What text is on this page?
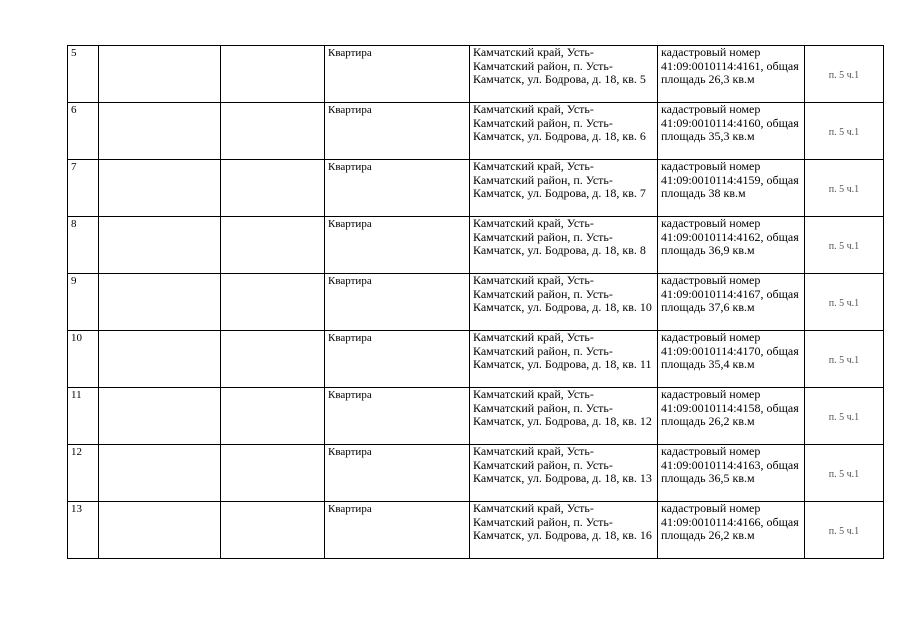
5			Квартира	Камчатский край, Усть-Камчатский район, п. Усть-Камчатск, ул. Бодрова, д. 18, кв. 5	кадастровый номер 41:09:0010114:4161, общая площадь 26,3 кв.м	п. 5 ч.1
6			Квартира	Камчатский край, Усть-Камчатский район, п. Усть-Камчатск, ул. Бодрова, д. 18, кв. 6	кадастровый номер 41:09:0010114:4160, общая площадь 35,3 кв.м	п. 5 ч.1
7			Квартира	Камчатский край, Усть-Камчатский район, п. Усть-Камчатск, ул. Бодрова, д. 18, кв. 7	кадастровый номер 41:09:0010114:4159, общая площадь 38 кв.м	п. 5 ч.1
8			Квартира	Камчатский край, Усть-Камчатский район, п. Усть-Камчатск, ул. Бодрова, д. 18, кв. 8	кадастровый номер 41:09:0010114:4162, общая площадь 36,9 кв.м	п. 5 ч.1
9			Квартира	Камчатский край, Усть-Камчатский район, п. Усть-Камчатск, ул. Бодрова, д. 18, кв. 10	кадастровый номер 41:09:0010114:4167, общая площадь 37,6 кв.м	п. 5 ч.1
10			Квартира	Камчатский край, Усть-Камчатский район, п. Усть-Камчатск, ул. Бодрова, д. 18, кв. 11	кадастровый номер 41:09:0010114:4170, общая площадь 35,4 кв.м	п. 5 ч.1
11			Квартира	Камчатский край, Усть-Камчатский район, п. Усть-Камчатск, ул. Бодрова, д. 18, кв. 12	кадастровый номер 41:09:0010114:4158, общая площадь 26,2 кв.м	п. 5 ч.1
12			Квартира	Камчатский край, Усть-Камчатский район, п. Усть-Камчатск, ул. Бодрова, д. 18, кв. 13	кадастровый номер 41:09:0010114:4163, общая площадь 36,5 кв.м	п. 5 ч.1
13			Квартира	Камчатский край, Усть-Камчатский район, п. Усть-Камчатск, ул. Бодрова, д. 18, кв. 16	кадастровый номер 41:09:0010114:4166, общая площадь 26,2 кв.м	п. 5 ч.1
